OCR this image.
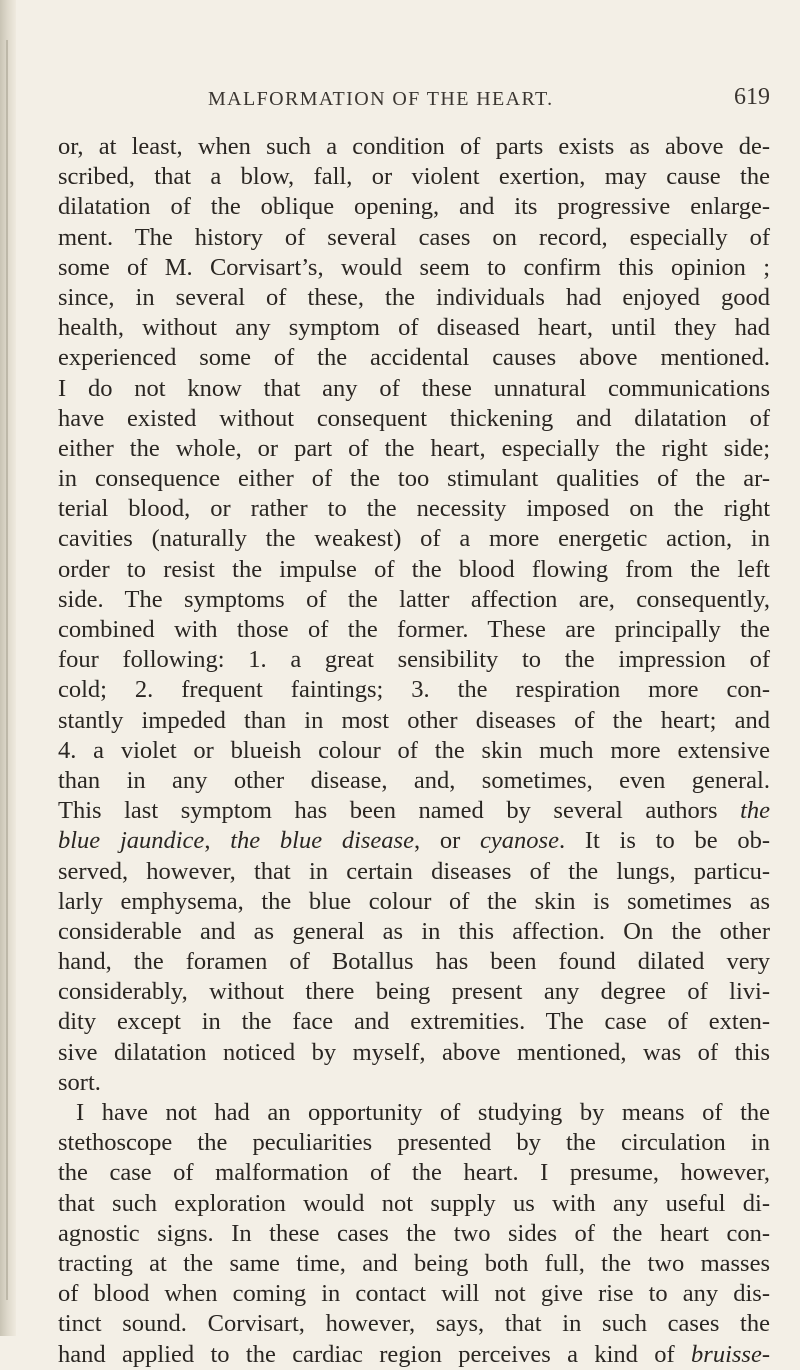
MALFORMATION OF THE HEART.	619
or, at least, when such a condition of parts exists as above de-
scribed, that a blow, fall, or violent exertion, may cause the
dilatation of the oblique opening, and its progressive enlarge-
ment. The history of several cases on record, especially of
some of M. Corvisart’s, would seem to confirm this opinion ;
since, in several of these, the individuals had enjoyed good
health, without any symptom of diseased heart, until they had
experienced some of the accidental causes above mentioned.
I do not know that any of these unnatural communications
have existed without consequent thickening and dilatation of
either the whole, or part of the heart, especially the right side;
in consequence either of the too stimulant qualities of the ar-
terial blood, or rather to the necessity imposed on the right
cavities (naturally the weakest) of a more energetic action, in
order to resist the impulse of the blood flowing from the left
side. The symptoms of the latter affection are, consequently,
combined with those of the former. These are principally the
four following: 1. a great sensibility to the impression of
cold; 2. frequent faintings; 3. the respiration more con-
stantly impeded than in most other diseases of the heart; and
4. a violet or blueish colour of the skin much more extensive
than in any other disease, and, sometimes, even general.
This last symptom has been named by several authors the
blue jaundice, the blue disease, or cyanose. It is to be ob-
served, however, that in certain diseases of the lungs, particu-
larly emphysema, the blue colour of the skin is sometimes as
considerable and as general as in this affection. On the other
hand, the foramen of Botallus has been found dilated very
considerably, without there being present any degree of livi-
dity except in the face and extremities. The case of exten-
sive dilatation noticed by myself, above mentioned, was of this
sort.
I have not had an opportunity of studying by means of the
stethoscope the peculiarities presented by the circulation in
the case of malformation of the heart. I presume, however,
that such exploration would not supply us with any useful di-
agnostic signs. In these cases the two sides of the heart con-
tracting at the same time, and being both full, the two masses
of blood when coming in contact will not give rise to any dis-
tinct sound. Corvisart, however, says, that in such cases the
hand applied to the cardiac region perceives a kind of bruisse-
